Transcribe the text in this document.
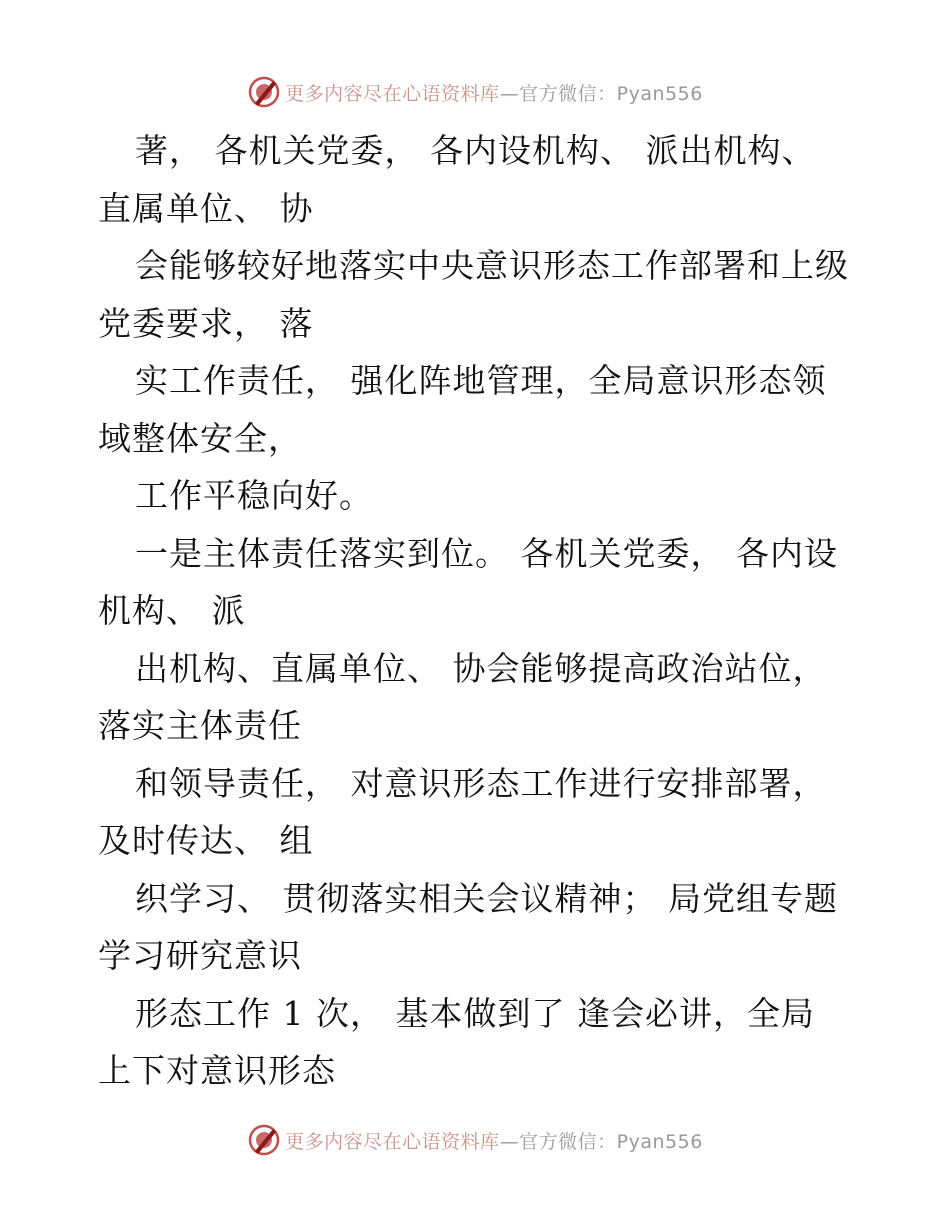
更多内容尽在心语资料库—官方微信：Pyan556
著， 各机关党委， 各内设机构、 派出机构、
直属单位、 协
会能够较好地落实中央意识形态工作部署和上级
党委要求， 落
实工作责任， 强化阵地管理，全局意识形态领
域整体安全，
工作平稳向好。
一是主体责任落实到位。 各机关党委， 各内设
机构、 派
出机构、直属单位、 协会能够提高政治站位，
落实主体责任
和领导责任， 对意识形态工作进行安排部署，
及时传达、 组
织学习、 贯彻落实相关会议精神； 局党组专题
学习研究意识
形态工作 1 次， 基本做到了 逢会必讲，全局
上下对意识形态
更多内容尽在心语资料库—官方微信：Pyan556
